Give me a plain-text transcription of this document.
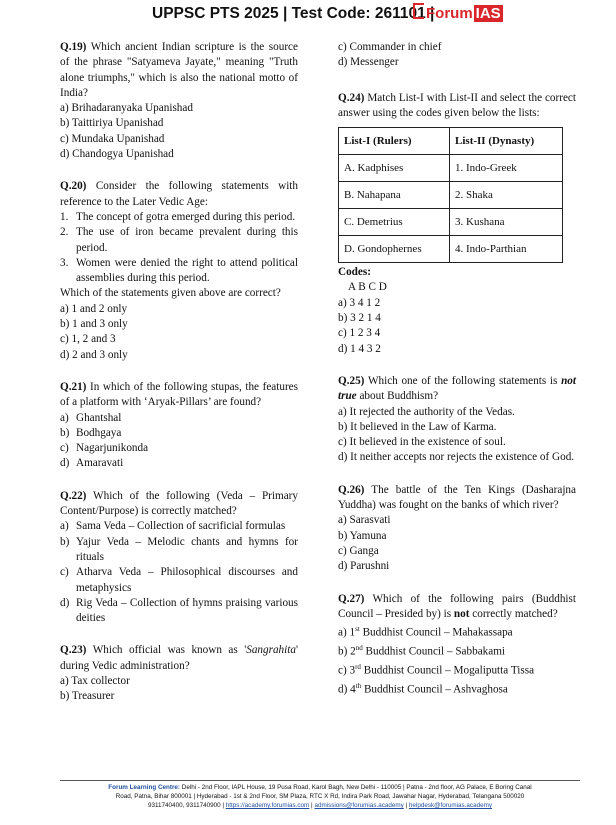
UPPSC PTS 2025 | Test Code: 261101 |
Forum IAS
Q.19) Which ancient Indian scripture is the source of the phrase "Satyameva Jayate," meaning "Truth alone triumphs," which is also the national motto of India?
a) Brihadaranyaka Upanishad
b) Taittiriya Upanishad
c) Mundaka Upanishad
d) Chandogya Upanishad
Q.20) Consider the following statements with reference to the Later Vedic Age:
1. The concept of gotra emerged during this period.
2. The use of iron became prevalent during this period.
3. Women were denied the right to attend political assemblies during this period.
Which of the statements given above are correct?
a) 1 and 2 only
b) 1 and 3 only
c) 1, 2 and 3
d) 2 and 3 only
Q.21) In which of the following stupas, the features of a platform with ‘Aryak-Pillars’ are found?
a) Ghantshal
b) Bodhgaya
c) Nagarjunikonda
d) Amaravati
Q.22) Which of the following (Veda – Primary Content/Purpose) is correctly matched?
a) Sama Veda – Collection of sacrificial formulas
b) Yajur Veda – Melodic chants and hymns for rituals
c) Atharva Veda – Philosophical discourses and metaphysics
d) Rig Veda – Collection of hymns praising various deities
Q.23) Which official was known as 'Sangrahita' during Vedic administration?
a) Tax collector
b) Treasurer
c) Commander in chief
d) Messenger
Q.24) Match List-I with List-II and select the correct answer using the codes given below the lists:
List-I (Rulers)	List-II (Dynasty)
A. Kadphises	1. Indo-Greek
B. Nahapana	2. Shaka
C. Demetrius	3. Kushana
D. Gondophernes	4. Indo-Parthian
Codes:
A B C D
a) 3 4 1 2
b) 3 2 1 4
c) 1 2 3 4
d) 1 4 3 2
Q.25) Which one of the following statements is not true about Buddhism?
a) It rejected the authority of the Vedas.
b) It believed in the Law of Karma.
c) It believed in the existence of soul.
d) It neither accepts nor rejects the existence of God.
Q.26) The battle of the Ten Kings (Dasharajna Yuddha) was fought on the banks of which river?
a) Sarasvati
b) Yamuna
c) Ganga
d) Parushni
Q.27) Which of the following pairs (Buddhist Council – Presided by) is not correctly matched?
a) 1st Buddhist Council – Mahakassapa
b) 2nd Buddhist Council – Sabbakami
c) 3rd Buddhist Council – Mogaliputta Tissa
d) 4th Buddhist Council – Ashvaghosa
Forum Learning Centre: Delhi - 2nd Floor, IAPL House, 19 Pusa Road, Karol Bagh, New Delhi - 110005 | Patna - 2nd floor, AG Palace, E Boring Canal
Road, Patna, Bihar 800001 | Hyderabad - 1st & 2nd Floor, SM Plaza, RTC X Rd, Indira Park Road, Jawahar Nagar, Hyderabad, Telangana 500020
9311740400, 9311740900 | https://academy.forumias.com | admissions@forumias.academy | helpdesk@forumias.academy
